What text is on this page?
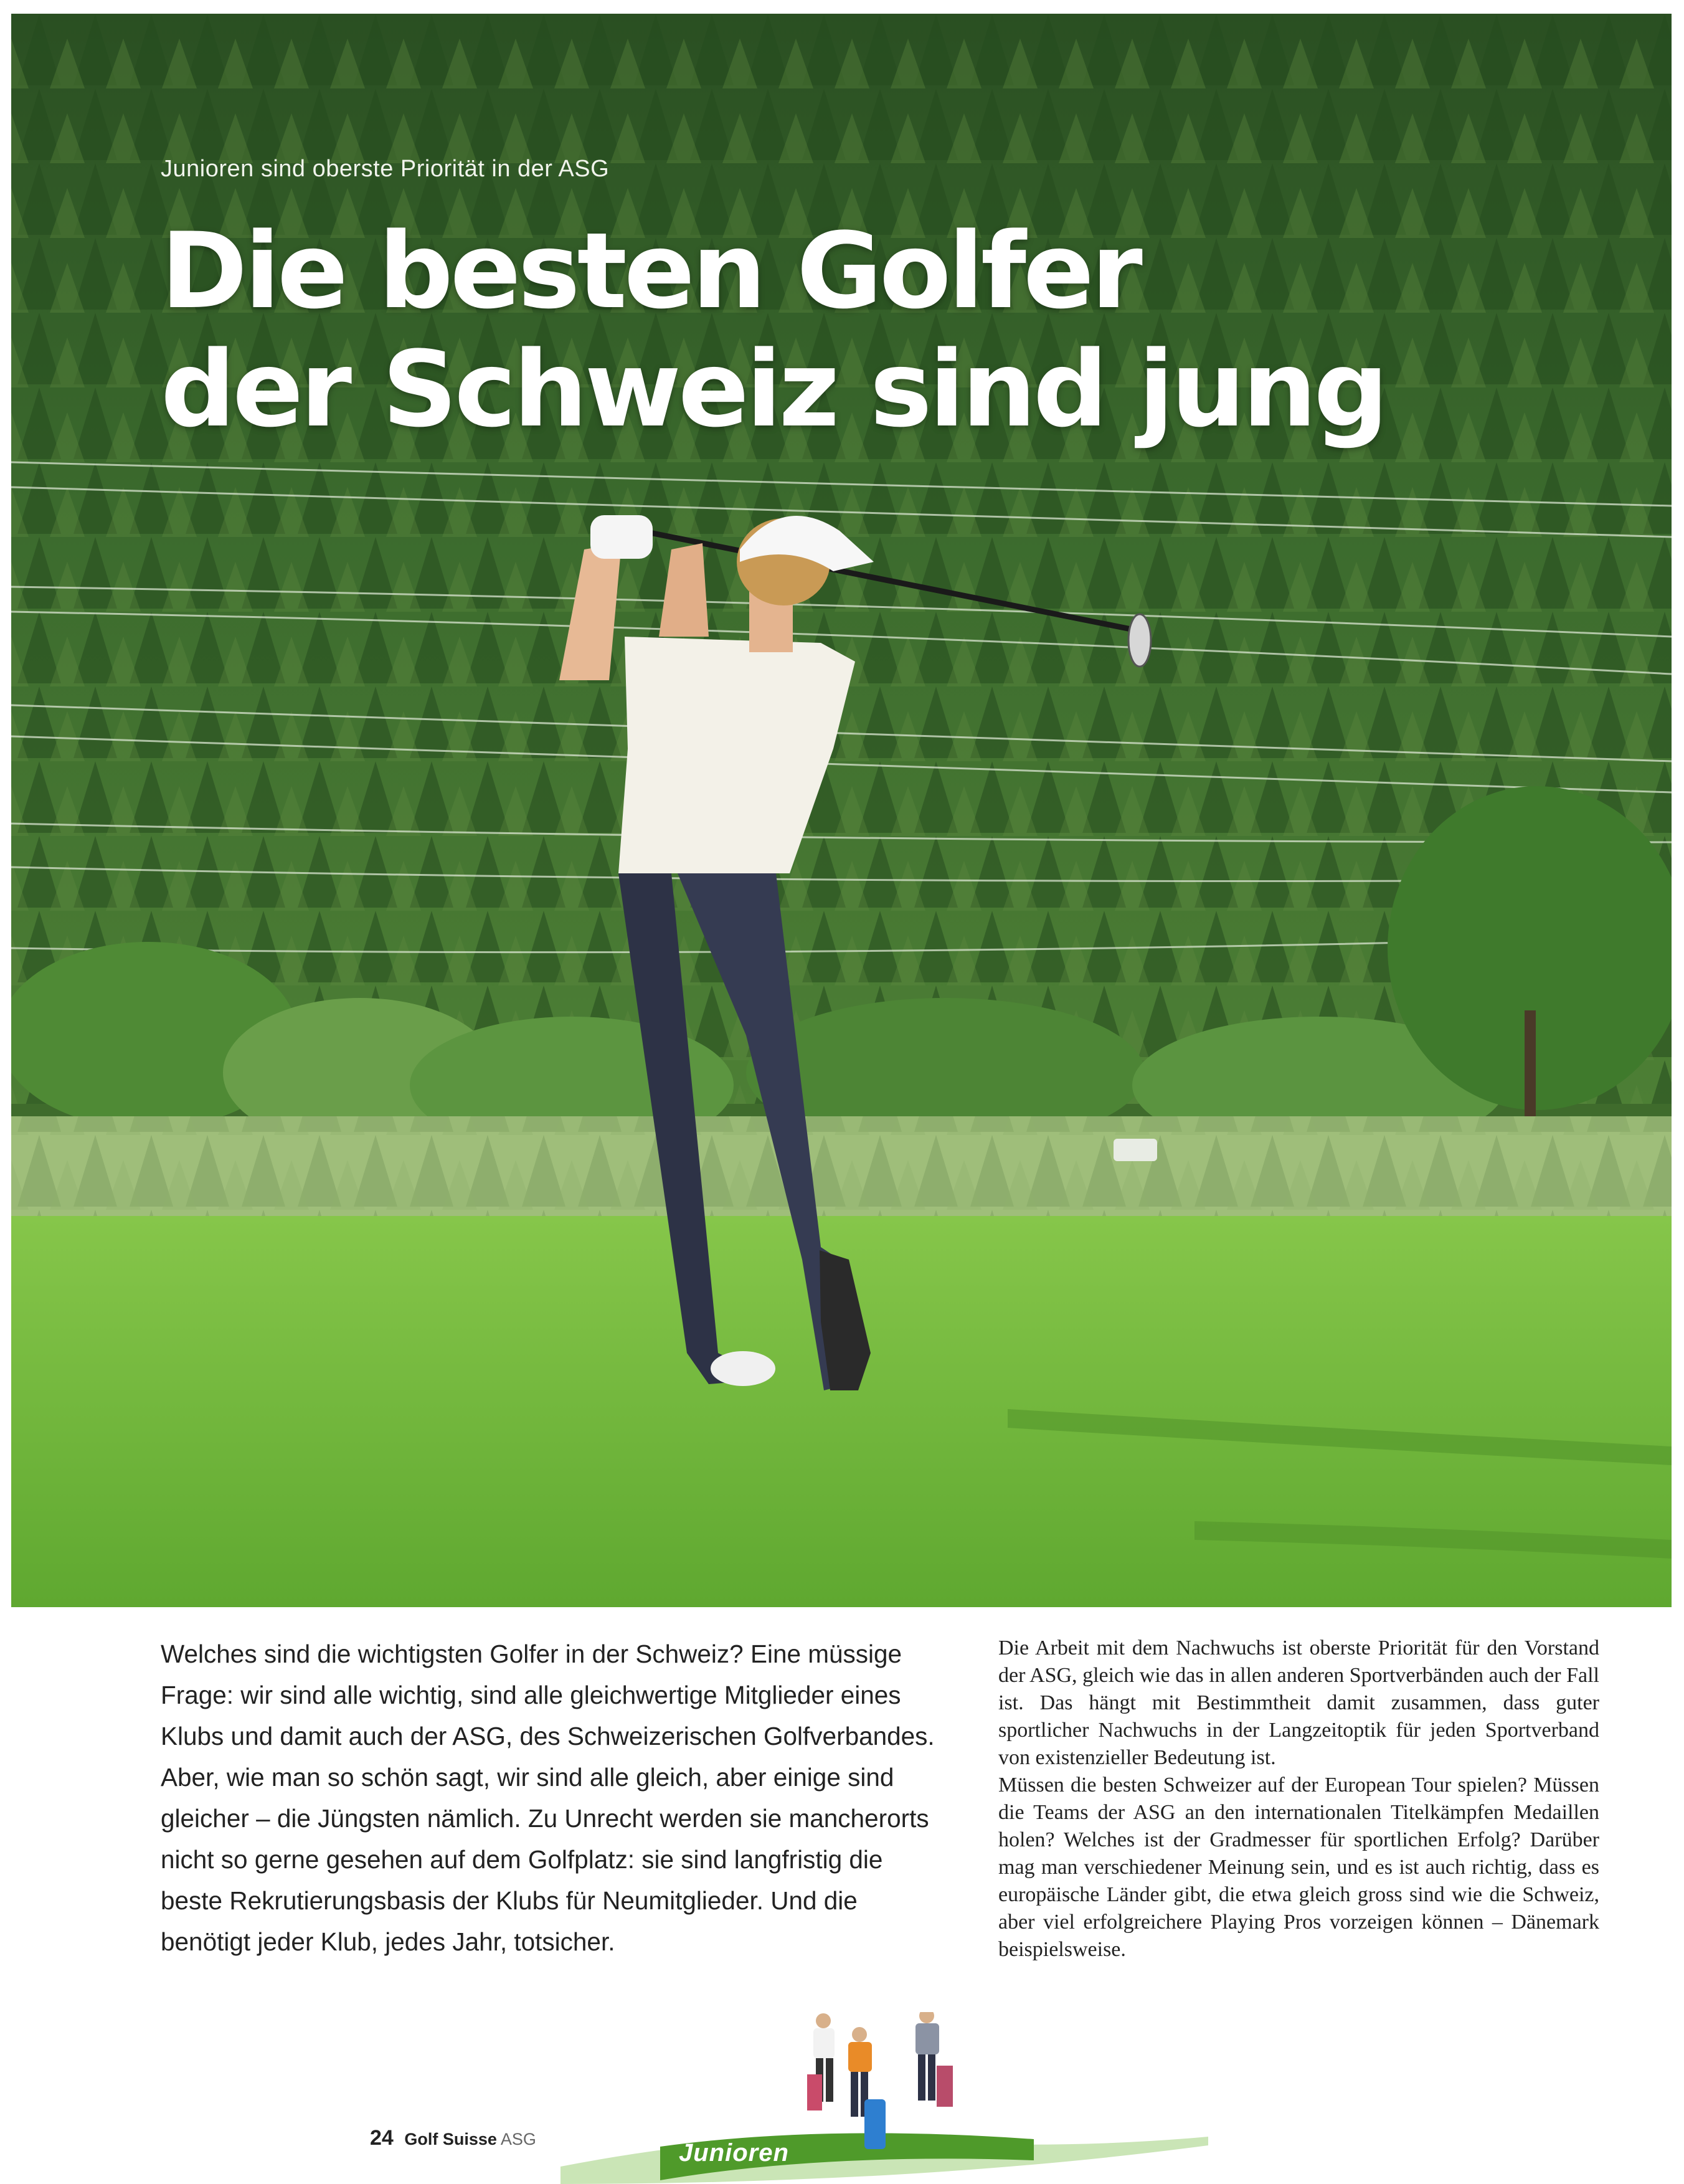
Junioren sind oberste Priorität in der ASG
Die besten Golfer
der Schweiz sind jung
Welches sind die wichtigsten Golfer in der Schweiz? Eine müssige Frage: wir sind alle wichtig, sind alle gleichwertige Mitglieder eines Klubs und damit auch der ASG, des Schweizerischen Golfverbandes. Aber, wie man so schön sagt, wir sind alle gleich, aber einige sind gleicher – die Jüngsten nämlich. Zu Unrecht werden sie mancherorts nicht so gerne gesehen auf dem Golfplatz: sie sind langfristig die beste Rekrutierungsbasis der Klubs für Neumitglieder. Und die benötigt jeder Klub, jedes Jahr, totsicher.

Die Arbeit mit dem Nachwuchs ist oberste Priorität für den Vorstand der ASG, gleich wie das in allen anderen Sportverbänden auch der Fall ist. Das hängt mit Bestimmtheit damit zusammen, dass guter sportlicher Nachwuchs in der Langzeitoptik für jeden Sportverband von existenzieller Bedeutung ist.

Müssen die besten Schweizer auf der European Tour spielen? Müssen die Teams der ASG an den internationalen Titelkämpfen Medaillen holen? Welches ist der Gradmesser für sportlichen Erfolg? Darüber mag man verschiedener Meinung sein, und es ist auch richtig, dass es europäische Länder gibt, die etwa gleich gross sind wie die Schweiz, aber viel erfolgreichere Playing Pros vorzeigen können – Dänemark beispielsweise.

24 Golf Suisse ASG	Junioren
